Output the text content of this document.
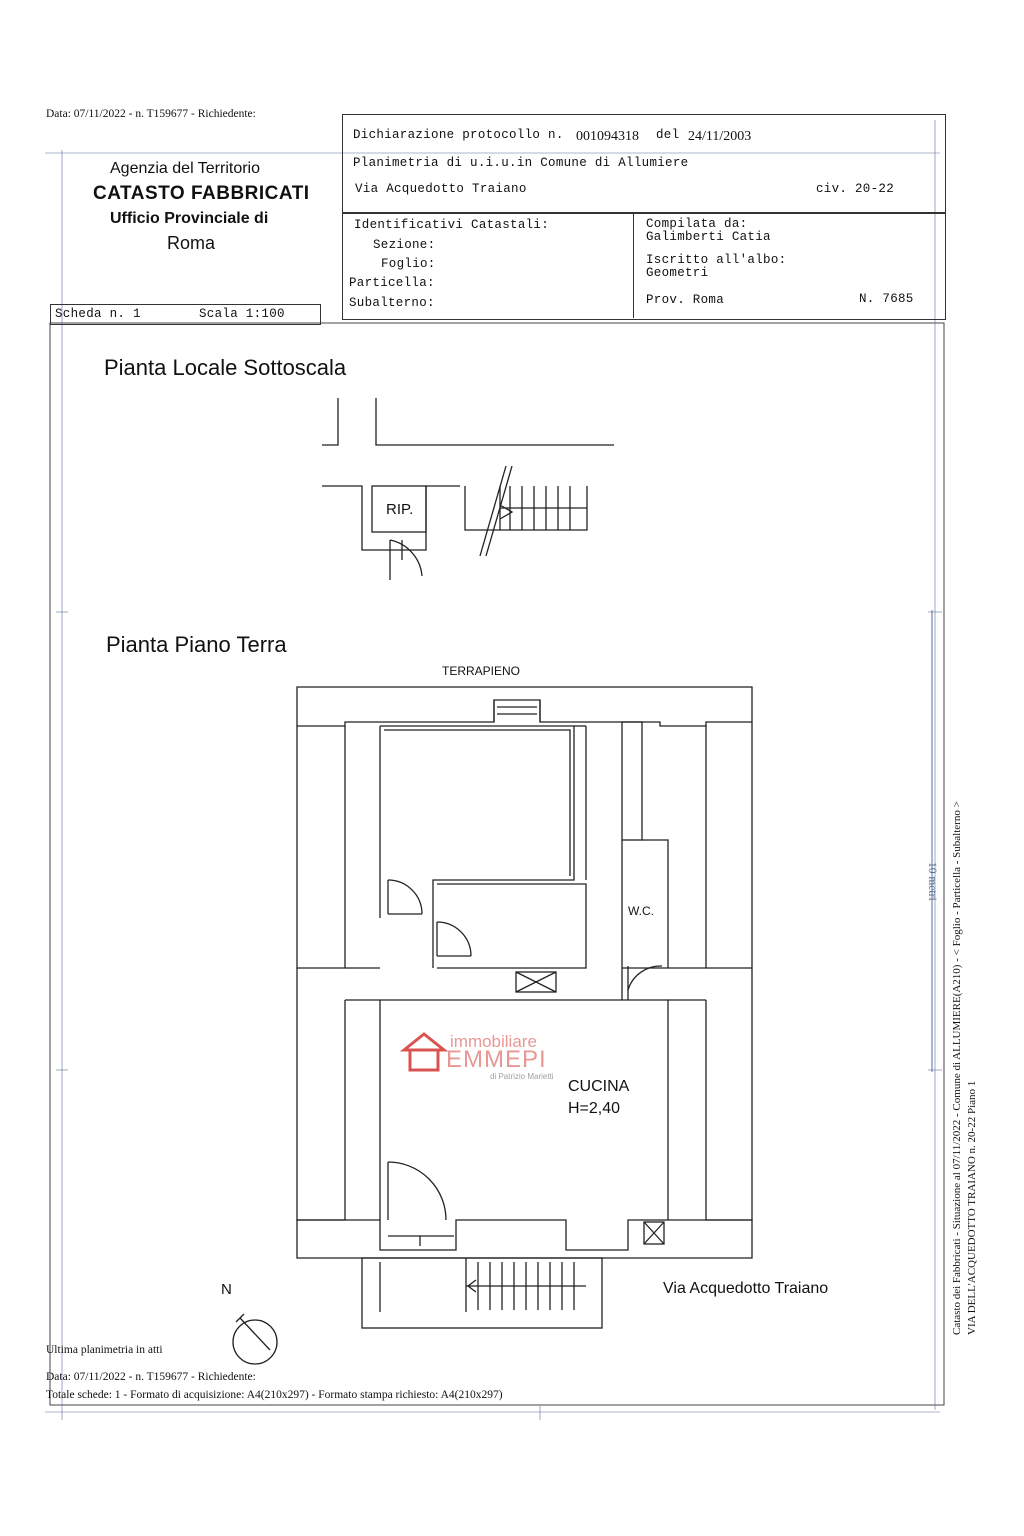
Data: 07/11/2022 - n. T159677 - Richiedente:
Agenzia del Territorio
CATASTO FABBRICATI
Ufficio Provinciale di
Roma
Dichiarazione protocollo n. 001094318 del 24/11/2003
Planimetria di u.i.u.in Comune di Allumiere
Via Acquedotto Traiano	civ. 20-22
Identificativi Catastali:
Sezione:
Foglio:
Particella:
Subalterno:
Compilata da:
Galimberti Catia
Iscritto all'albo:
Geometri
Prov. Roma	N. 7685
Scheda n. 1	Scala 1:100
Pianta Locale Sottoscala
RIP.
Pianta Piano Terra
TERRAPIENO
W.C.
CUCINA
H=2,40
Via Acquedotto Traiano
N
immobiliare
EMMEPI
di Patrizio Marietti
10 metri Catasto dei Fabbricati - Situazione al 07/11/2022 - Comune di ALLUMIERE(A210) - < Foglio - Particella - Subalterno > VIA DELL'ACQUEDOTTO TRAIANO n. 20-22 Piano 1
Ultima planimetria in atti
Data: 07/11/2022 - n. T159677 - Richiedente:
Totale schede: 1 - Formato di acquisizione: A4(210x297) - Formato stampa richiesto: A4(210x297)
